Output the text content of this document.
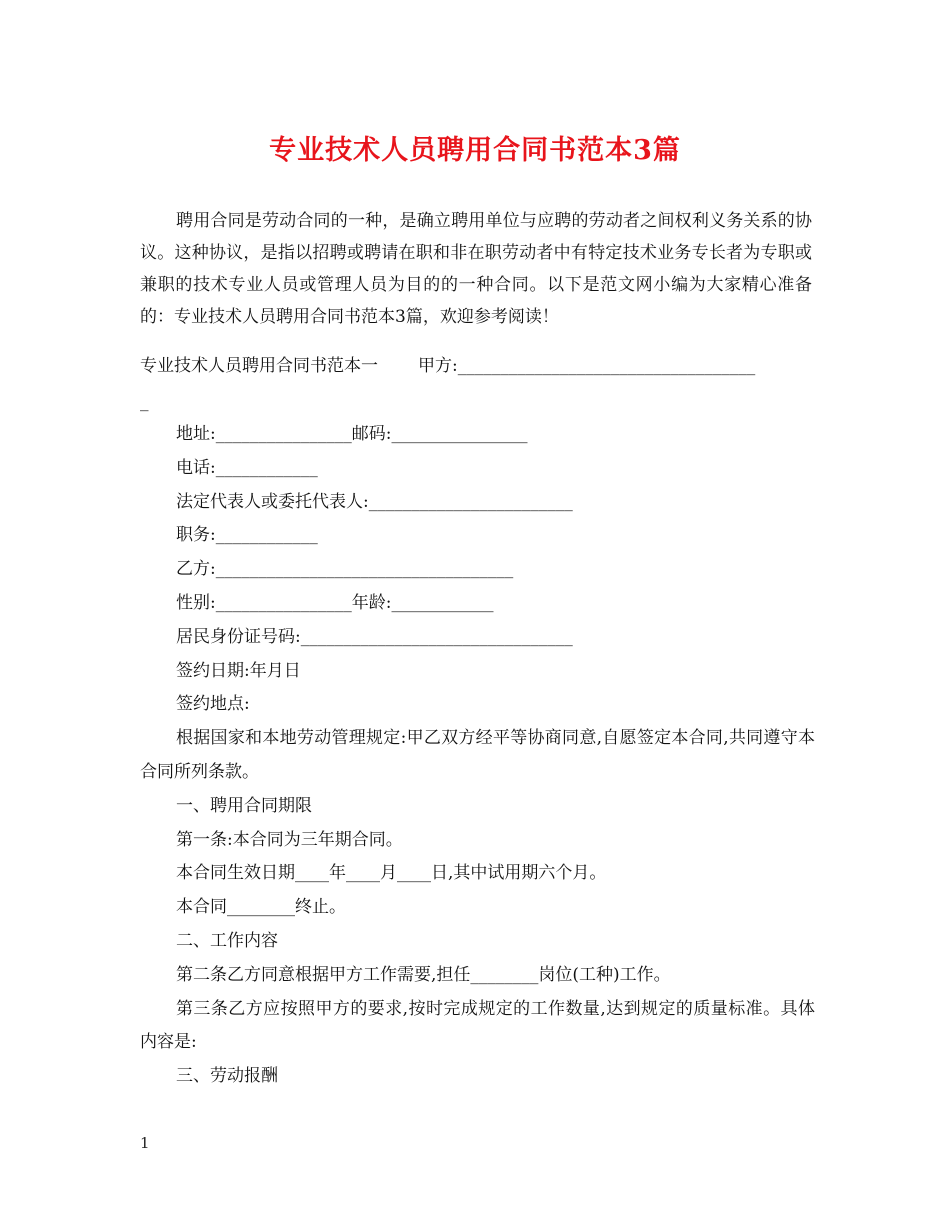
专业技术人员聘用合同书范本3篇

聘用合同是劳动合同的一种，是确立聘用单位与应聘的劳动者之间权利义务关系的协议。这种协议，是指以招聘或聘请在职和非在职劳动者中有特定技术业务专长者为专职或兼职的技术专业人员或管理人员为目的的一种合同。以下是范文网小编为大家精心准备的：专业技术人员聘用合同书范本3篇，欢迎参考阅读！

专业技术人员聘用合同书范本一 甲方:___________________________________

_
地址:________________邮码:________________
电话:____________
法定代表人或委托代表人:________________________
职务:____________
乙方:___________________________________
性别:________________年龄:____________
居民身份证号码:________________________________
签约日期:年月日
签约地点:
根据国家和本地劳动管理规定:甲乙双方经平等协商同意,自愿签定本合同,共同遵守本合同所列条款。
一、聘用合同期限
第一条:本合同为三年期合同。
本合同生效日期____年____月____日,其中试用期六个月。
本合同________终止。
二、工作内容
第二条乙方同意根据甲方工作需要,担任________岗位(工种)工作。
第三条乙方应按照甲方的要求,按时完成规定的工作数量,达到规定的质量标准。具体内容是:
三、劳动报酬
1
